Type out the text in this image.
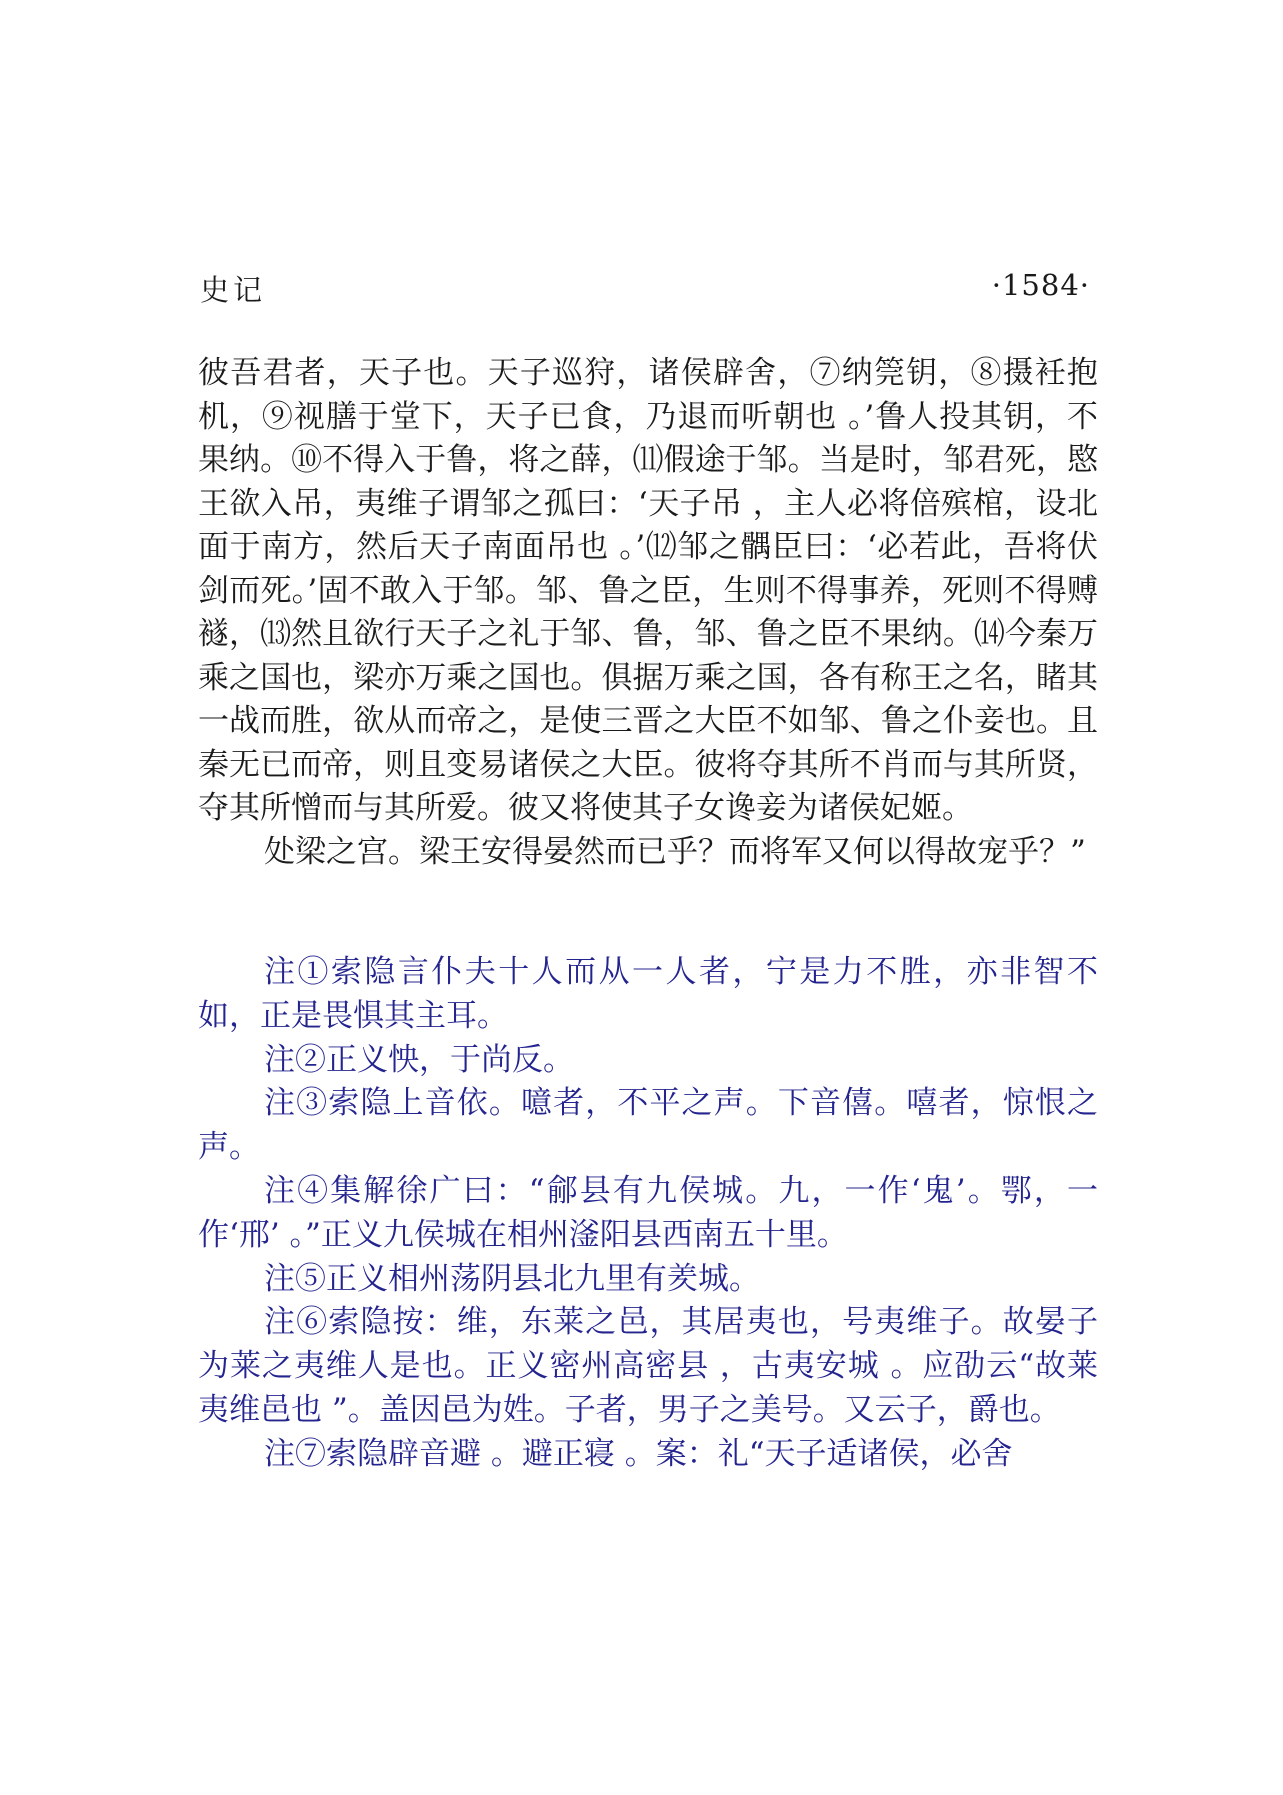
史记	·1584·

彼吾君者，天子也。天子巡狩，诸侯辟舍，⑦纳筦钥，⑧摄衽抱机，⑨视膳于堂下，天子已食，乃退而听朝也 。’鲁人投其钥，不果纳。⑩不得入于鲁，将之薛，⑾假途于邹。当是时，邹君死，愍王欲入吊，夷维子谓邹之孤曰：‘天子吊 ，主人必将倍殡棺，设北面于南方，然后天子南面吊也 。’⑿邹之髃臣曰：‘必若此，吾将伏剑而死。’固不敢入于邹。邹、鲁之臣，生则不得事养，死则不得赙襚，⒀然且欲行天子之礼于邹、鲁，邹、鲁之臣不果纳。⒁今秦万乘之国也，梁亦万乘之国也。俱据万乘之国，各有称王之名，睹其一战而胜，欲从而帝之，是使三晋之大臣不如邹、鲁之仆妾也。且秦无已而帝，则且变易诸侯之大臣。彼将夺其所不肖而与其所贤，夺其所憎而与其所爱。彼又将使其子女谗妾为诸侯妃姬。

处梁之宫。梁王安得晏然而已乎？而将军又何以得故宠乎？”

注①索隐言仆夫十人而从一人者，宁是力不胜，亦非智不如，正是畏惧其主耳。

注②正义怏，于尚反。

注③索隐上音依。噫者，不平之声。下音僖。嘻者，惊恨之声。

注④集解徐广曰：“鄃县有九侯城。九，一作‘鬼’。鄂，一作‘邢’ 。”正义九侯城在相州滏阳县西南五十里。

注⑤正义相州荡阴县北九里有羑城。

注⑥索隐按：维，东莱之邑，其居夷也，号夷维子。故晏子为莱之夷维人是也。正义密州高密县 ，古夷安城 。应劭云“故莱夷维邑也 ”。盖因邑为姓。子者，男子之美号。又云子，爵也。

注⑦索隐辟音避 。避正寝 。案：礼“天子适诸侯，必舍
